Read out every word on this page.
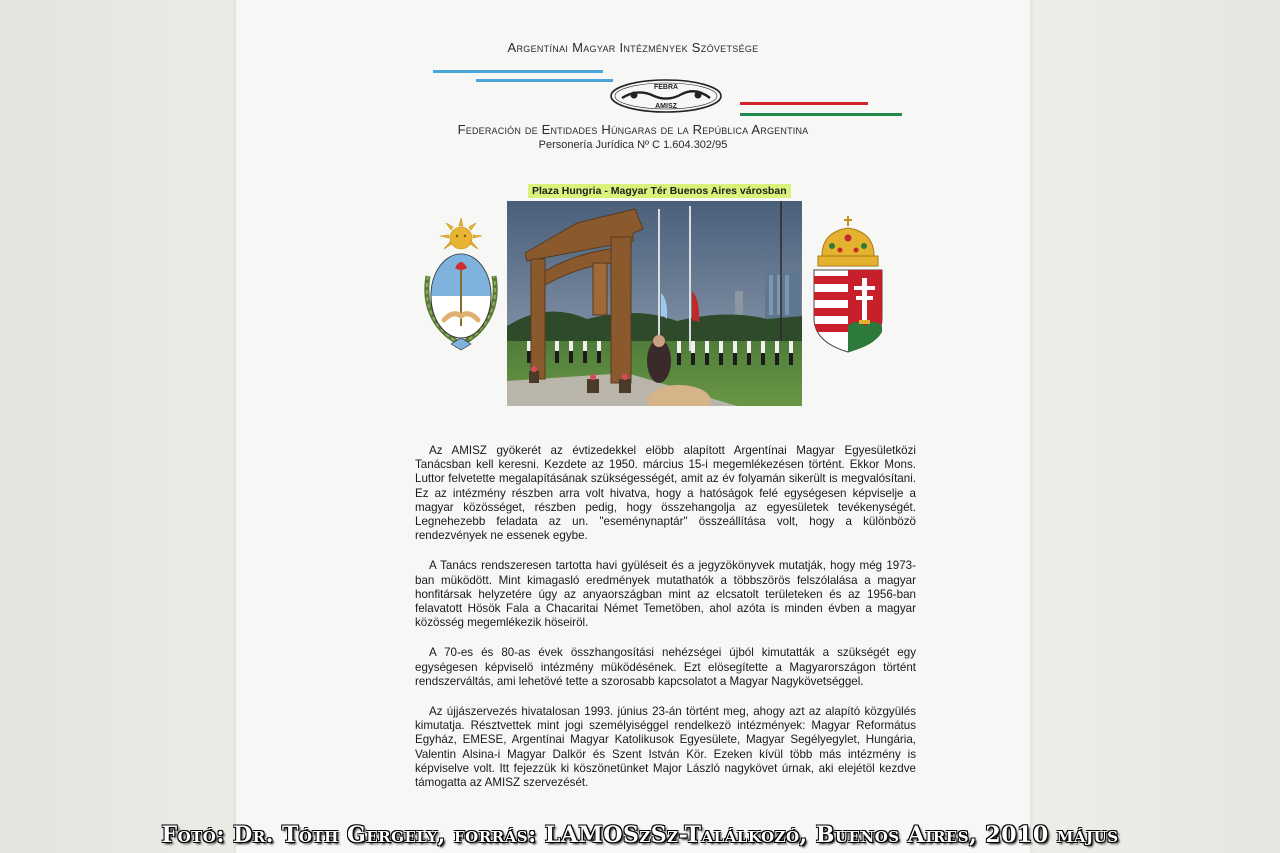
Argentínai Magyar Intézmények Szövetsége
FEBRA
AMISZ
Federación de Entidades Húngaras de la República Argentina
Personería Jurídica Nº C 1.604.302/95
Plaza Hungria - Magyar Tér Buenos Aires városban

Az AMISZ gyökerét az évtizedekkel elöbb alapított Argentínai Magyar Egyesületközi Tanácsban kell keresni. Kezdete az 1950. március 15-i megemlékezésen történt. Ekkor Mons. Luttor felvetette megalapításának szükségességét, amit az év folyamán sikerült is megvalósítani. Ez az intézmény részben arra volt hivatva, hogy a hatóságok felé egységesen képviselje a magyar közösséget, részben pedig, hogy összehangolja az egyesületek tevékenységét. Legnehezebb feladata az un. "eseménynaptár" összeállítása volt, hogy a különbözö rendezvények ne essenek egybe.

A Tanács rendszeresen tartotta havi gyüléseit és a jegyzökönyvek mutatják, hogy még 1973-ban müködött. Mint kimagasló eredmények mutathatók a többszörös felszólalása a magyar honfitársak helyzetére úgy az anyaországban mint az elcsatolt területeken és az 1956-ban felavatott Hösök Fala a Chacaritai Német Temetöben, ahol azóta is minden évben a magyar közösség megemlékezik höseiröl.

A 70-es és 80-as évek összhangosítási nehézségei újból kimutatták a szükségét egy egységesen képviselö intézmény müködésének. Ezt elösegítette a Magyarországon történt rendszerváltás, ami lehetövé tette a szorosabb kapcsolatot a Magyar Nagykövetséggel.

Az újjászervezés hivatalosan 1993. június 23-án történt meg, ahogy azt az alapító közgyülés kimutatja. Résztvettek mint jogi személyiséggel rendelkezö intézmények: Magyar Református Egyház, EMESE, Argentínai Magyar Katolikusok Egyesülete, Magyar Segélyegylet, Hungária, Valentin Alsina-i Magyar Dalkör és Szent István Kör. Ezeken kívül több más intézmény is képviselve volt. Itt fejezzük ki köszönetünket Major László nagykövet úrnak, aki elejétöl kezdve támogatta az AMISZ szervezését.

Fotó: Dr. Tóth Gergely, forrás: LAMOSzSz-Találkozó, Buenos Aires, 2010 május
